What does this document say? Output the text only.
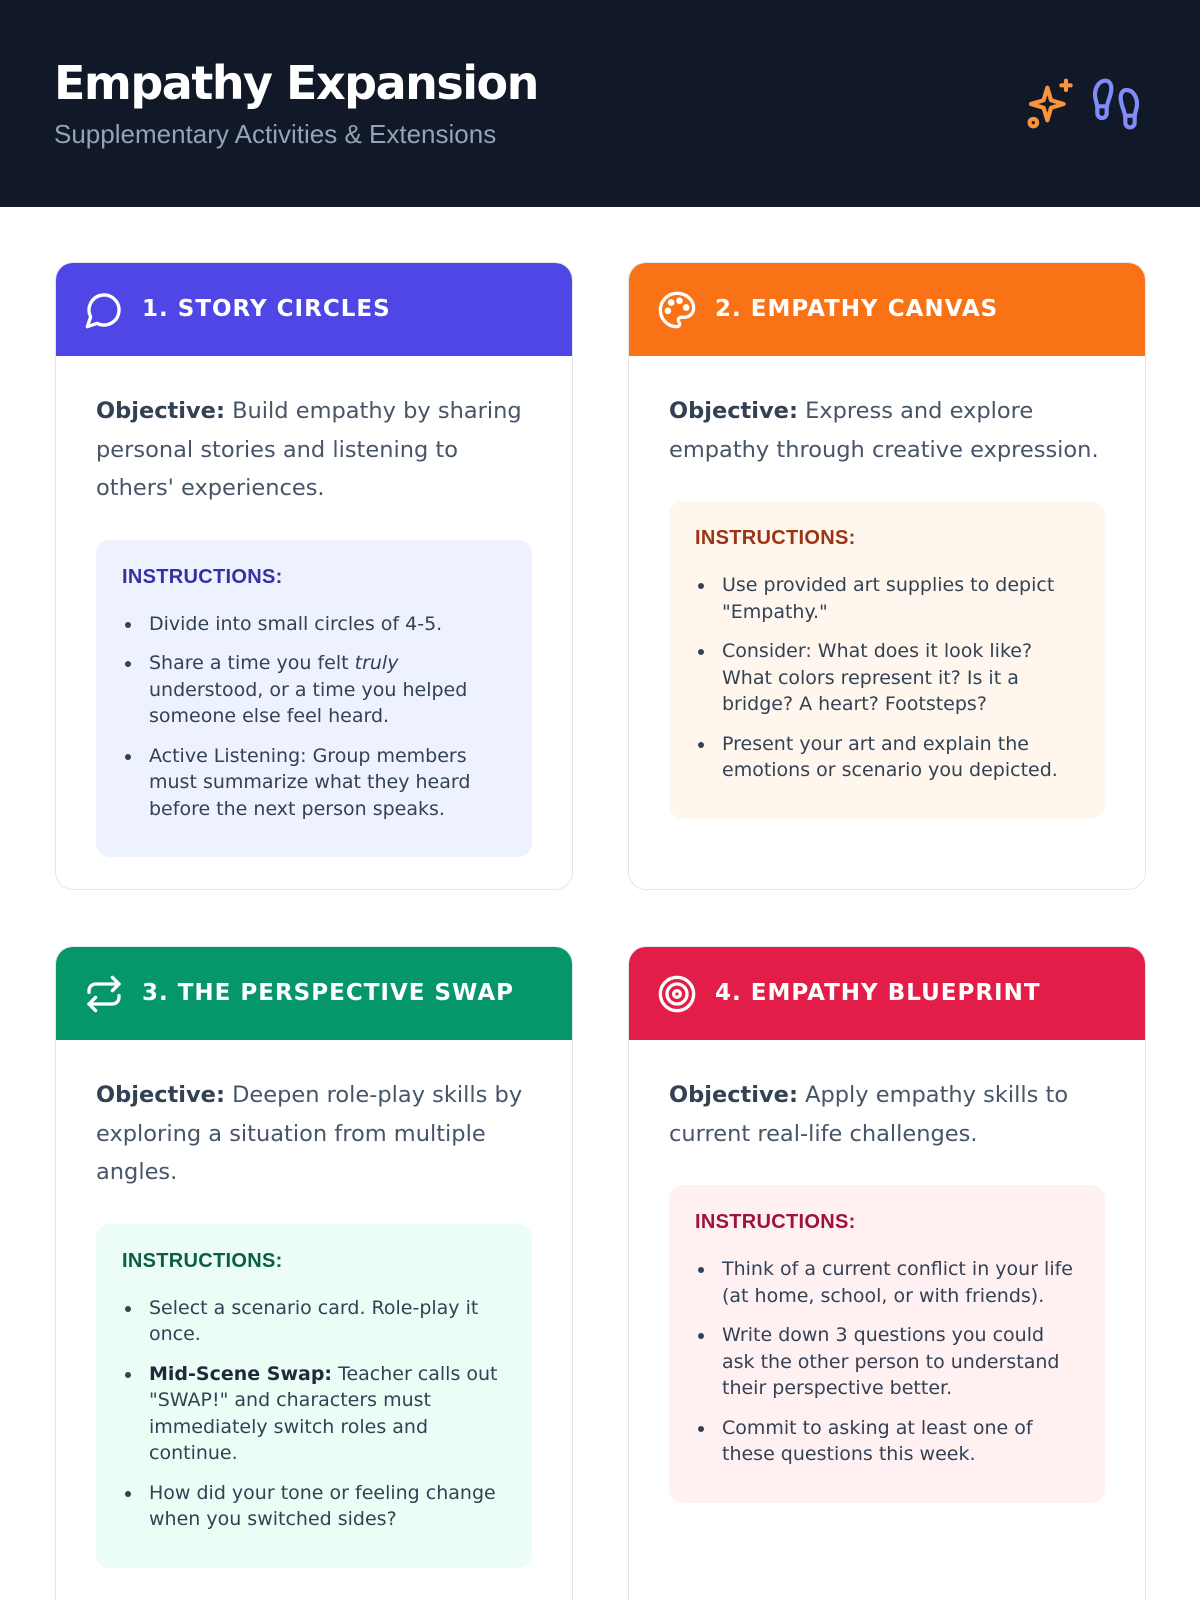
Empathy Expansion
Supplementary Activities & Extensions
1. STORY CIRCLES

Objective: Build empathy by sharing personal stories and listening to others' experiences.

INSTRUCTIONS:
Divide into small circles of 4-5.
Share a time you felt truly understood, or a time you helped someone else feel heard.
Active Listening: Group members must summarize what they heard before the next person speaks.
2. EMPATHY CANVAS

Objective: Express and explore empathy through creative expression.

INSTRUCTIONS:
Use provided art supplies to depict "Empathy."
Consider: What does it look like? What colors represent it? Is it a bridge? A heart? Footsteps?
Present your art and explain the emotions or scenario you depicted.
3. THE PERSPECTIVE SWAP

Objective: Deepen role-play skills by exploring a situation from multiple angles.

INSTRUCTIONS:
Select a scenario card. Role-play it once.
Mid-Scene Swap: Teacher calls out "SWAP!" and characters must immediately switch roles and continue.
How did your tone or feeling change when you switched sides?
4. EMPATHY BLUEPRINT

Objective: Apply empathy skills to current real-life challenges.

INSTRUCTIONS:
Think of a current conflict in your life (at home, school, or with friends).
Write down 3 questions you could ask the other person to understand their perspective better.
Commit to asking at least one of these questions this week.
